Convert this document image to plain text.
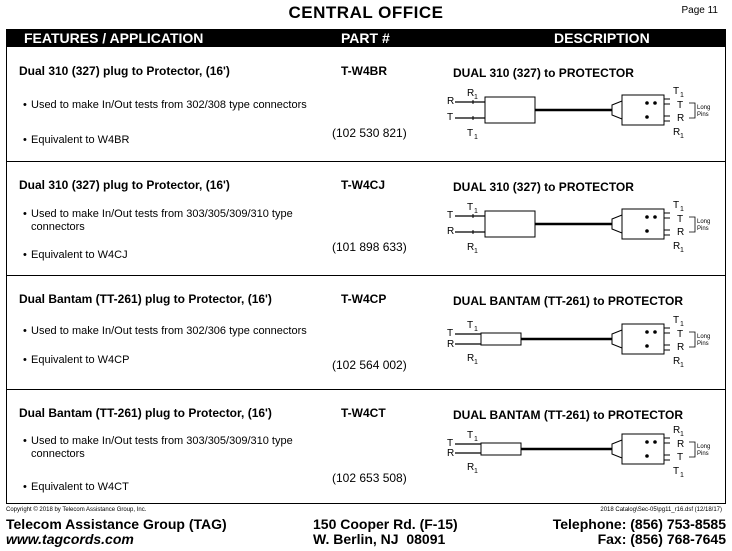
CENTRAL OFFICE	Page 11
FEATURES / APPLICATION	PART #	DESCRIPTION
Dual 310 (327) plug to Protector, (16')	T-W4BR	DUAL 310 (327) to PROTECTOR
• Used to make In/Out tests from 302/308 type connectors
• Equivalent to W4BR	(102 530 821)
R
T
R 1
T 1
T 1
T
R
R 1
Long
Pins
Dual 310 (327) plug to Protector, (16')	T-W4CJ	DUAL 310 (327) to PROTECTOR
• Used to make In/Out tests from 303/305/309/310 type connectors
• Equivalent to W4CJ
(101 898 633)
T
R
T 1
R 1
T 1
T
R
R 1
Long
Pins
Dual Bantam (TT-261) plug to Protector, (16')	T-W4CP	DUAL BANTAM (TT-261) to PROTECTOR
• Used to make In/Out tests from 302/306 type connectors
• Equivalent to W4CP	(102 564 002)
T
R
T 1
R 1
T 1
T
R
R 1
Long
Pins
Dual Bantam (TT-261) plug to Protector, (16')	T-W4CT	DUAL BANTAM (TT-261) to PROTECTOR
• Used to make In/Out tests from 303/305/309/310 type connectors
• Equivalent to W4CT
(102 653 508)
T
R
T 1
R 1
R 1
R
T
T 1
Long
Pins
Copyright © 2018 by Telecom Assistance Group, Inc.	2018 Catalog\Sec-05\pg11_r16.dsf (12/18/17)
Telecom Assistance Group (TAG)
www.tagcords.com
150 Cooper Rd. (F-15)
W. Berlin, NJ  08091
Telephone: (856) 753-8585
Fax: (856) 768-7645
